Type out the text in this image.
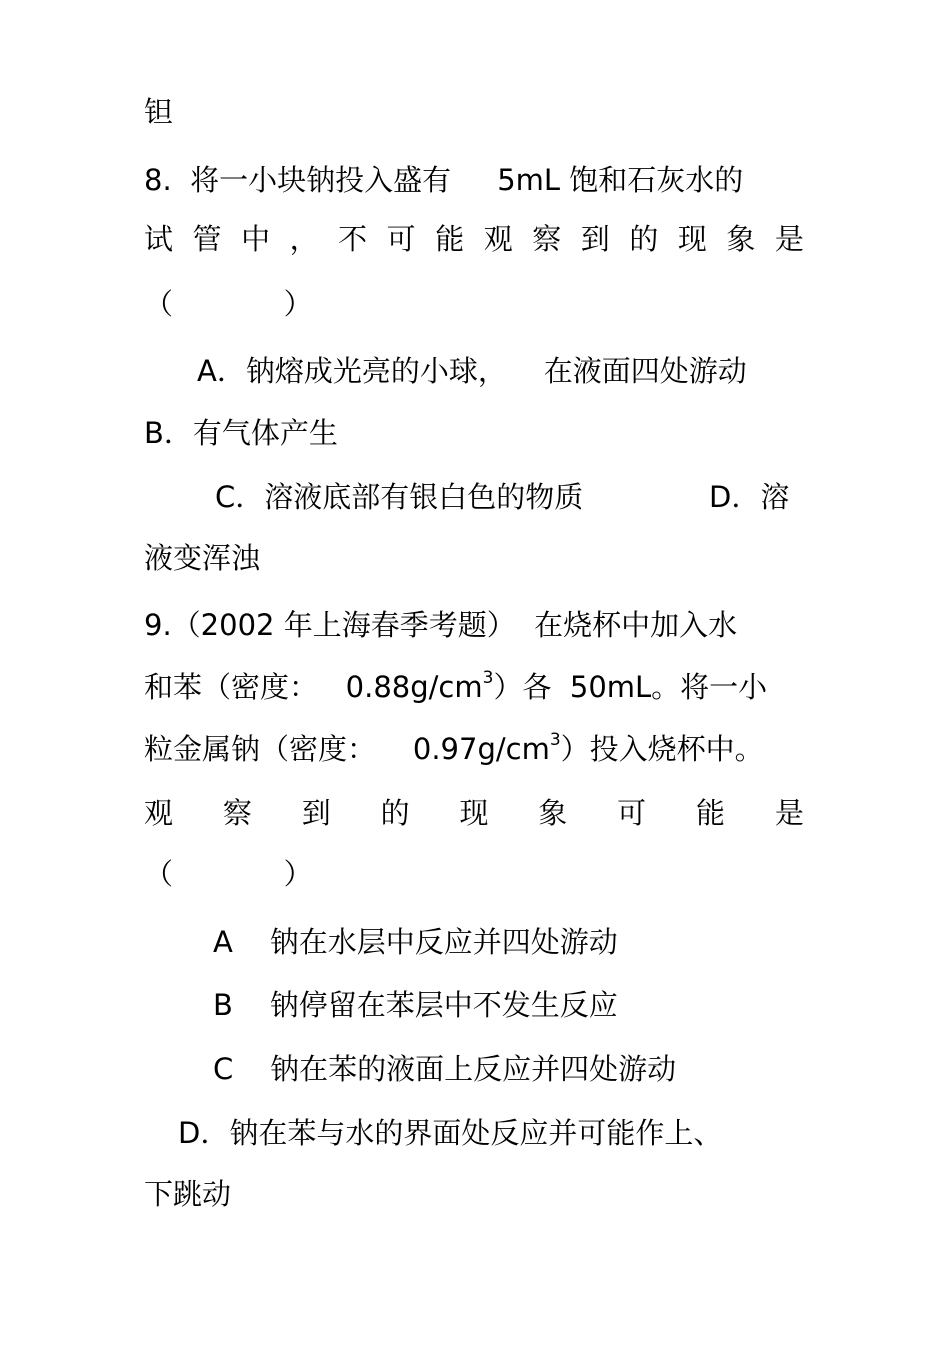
钽

8.  将一小块钠投入盛有     5mL 饱和石灰水的

试 管 中 ， 不 可 能 观 察 到 的 现 象 是

（            ）

A．钠熔成光亮的小球，    在液面四处游动

B．有气体产生

C．溶液底部有银白色的物质	D．溶

液变浑浊

9.（2002 年上海春季考题）  在烧杯中加入水

和苯（密度：   $0.88g/cm^3$）各  50mL。将一小

粒金属钠（密度：    $0.97g/cm^3$）投入烧杯中。

观 察 到 的 现 象 可 能 是

（            ）

A    钠在水层中反应并四处游动

B    钠停留在苯层中不发生反应

C    钠在苯的液面上反应并四处游动

D．钠在苯与水的界面处反应并可能作上、

下跳动
